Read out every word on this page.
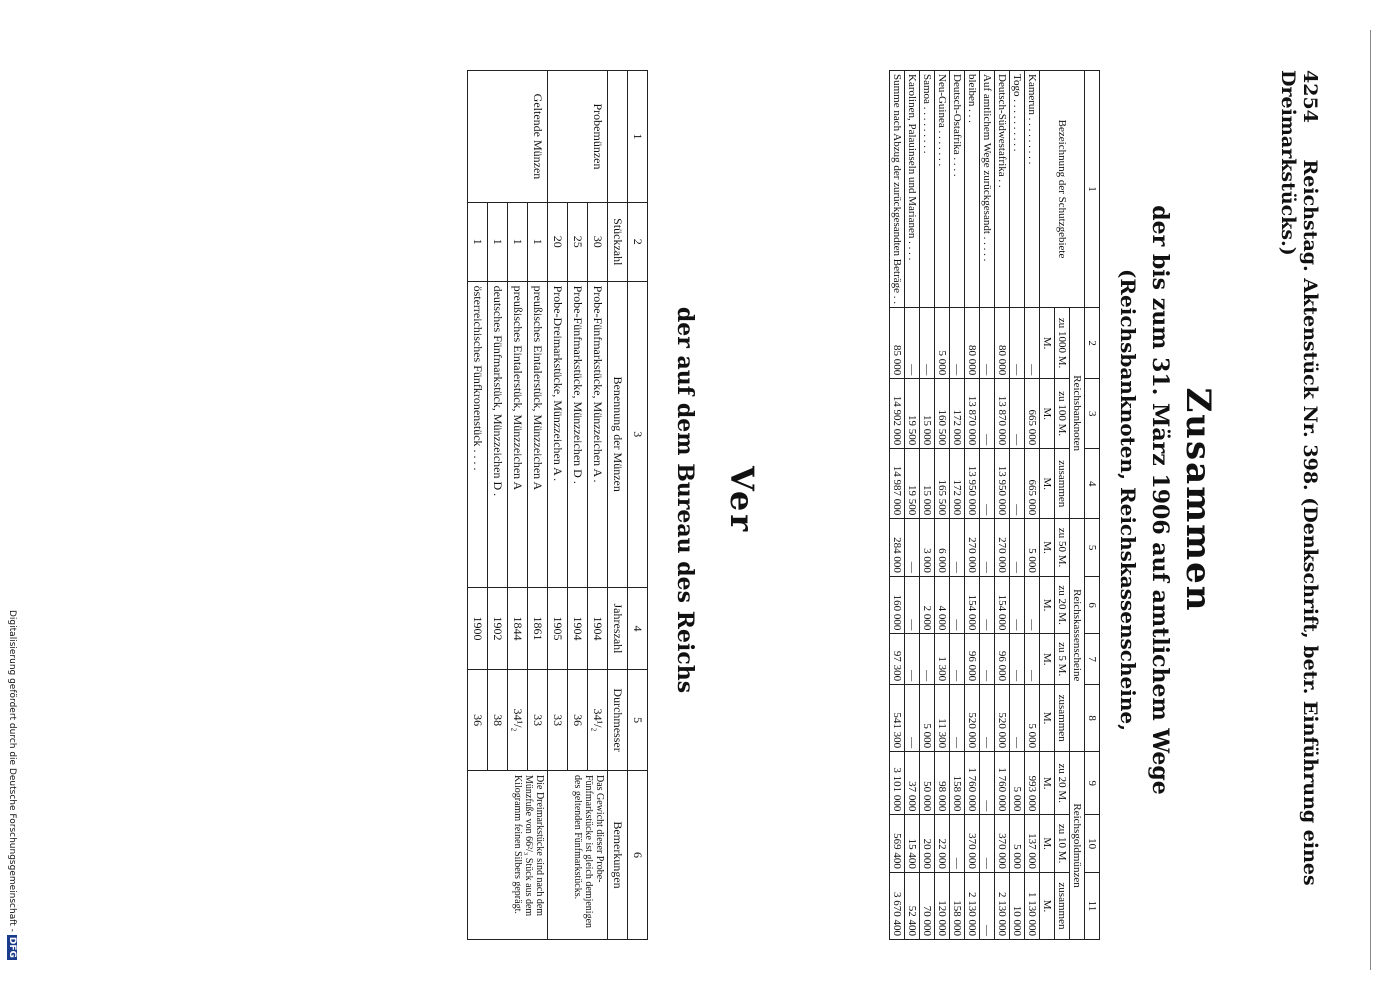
Digitalisierung gefördert durch die Deutsche Forschungsgemeinschaft -DFG
4254 Reichstag. Aktenstück Nr. 398. (Denkschrift, betr. Einführung eines Dreimarkstücks.)
Zusammen
der bis zum 31. März 1906 auf amtlichem Wege
(Reichsbanknoten, Reichskassenscheine,
1	2	3	4	5	6	7	8	9	10	11
Bezeichnung der Schutzgebiete	Reichsbanknoten			Reichskassenscheine				Reichsgoldmünzen		
	zu 1000 M.	zu 100 M.	zusammen	zu 50 M.	zu 20 M.	zu 5 M.	zusammen	zu 20 M.	zu 10 M.	zusammen
	M.	M.	M.	M.	M.	M.	M.	M.	M.	M.
Kamerun . . . . . . . . .	—	665 000	665 000	5 000	—	—	5 000	993 000	137 000	1 130 000
Togo . . . . . . . . . .	—	—	—	—	—	—	—	5 000	5 000	10 000
Deutsch-Südwestafrika . .	80 000	13 870 000	13 950 000	270 000	154 000	96 000	520 000	1 760 000	370 000	2 130 000
Auf amtlichem Wege zurückgesandt . . . . .	—	—	—	—	—	—	—	—	—	—
bleiben . . .	80 000	13 870 000	13 950 000	270 000	154 000	96 000	520 000	1 760 000	370 000	2 130 000
Deutsch-Ostafrika . . . .	—	172 000	172 000	—	—	—	—	158 000	—	158 000
Neu-Guinea . . . . . . .	5 000	160 500	165 500	6 000	4 000	1 300	11 300	98 000	22 000	120 000
Samoa . . . . . . . . .	—	15 000	15 000	3 000	2 000	—	5 000	50 000	20 000	70 000
Karolinen, Palauinseln und Marianen . . . .	—	19 500	19 500	—	—	—	—	37 000	15 400	52 400
Summe nach Abzug der zurückgesandten Beträge . .	85 000	14 902 000	14 987 000	284 000	160 000	97 300	541 300	3 101 000	569 400	3 670 400
Ver
der auf dem Bureau des Reichs
1	2	3	4	5	6
	Stückzahl	Benennung der Münzen	Jahreszahl	Durchmesser	Bemerkungen
Probemünzen	30	Probe-Fünfmarkstücke, Münzzeichen A .	1904	34¹/₂	Das Gewicht dieser Probe-Fünfmarkstücke ist gleich demjenigen des geltenden Fünfmarkstücks.
	25	Probe-Fünfmarkstücke, Münzzeichen D .	1904	36	
	20	Probe-Dreimarkstücke, Münzzeichen A .	1905	33	
Geltende Münzen	1	preußisches Eintalerstück, Münzzeichen A	1861	33	Die Dreimarkstücke sind nach dem Münzfuße von 66²/₃ Stück aus dem Kilogramm feinen Silbers geprägt.
	1	preußisches Eintalerstück, Münzzeichen A	1844	34¹/₂	
	1	deutsches Fünfmarkstück, Münzzeichen D .	1902	38	
	1	österreichisches Fünfkronenstück . . . .	1900	36	
